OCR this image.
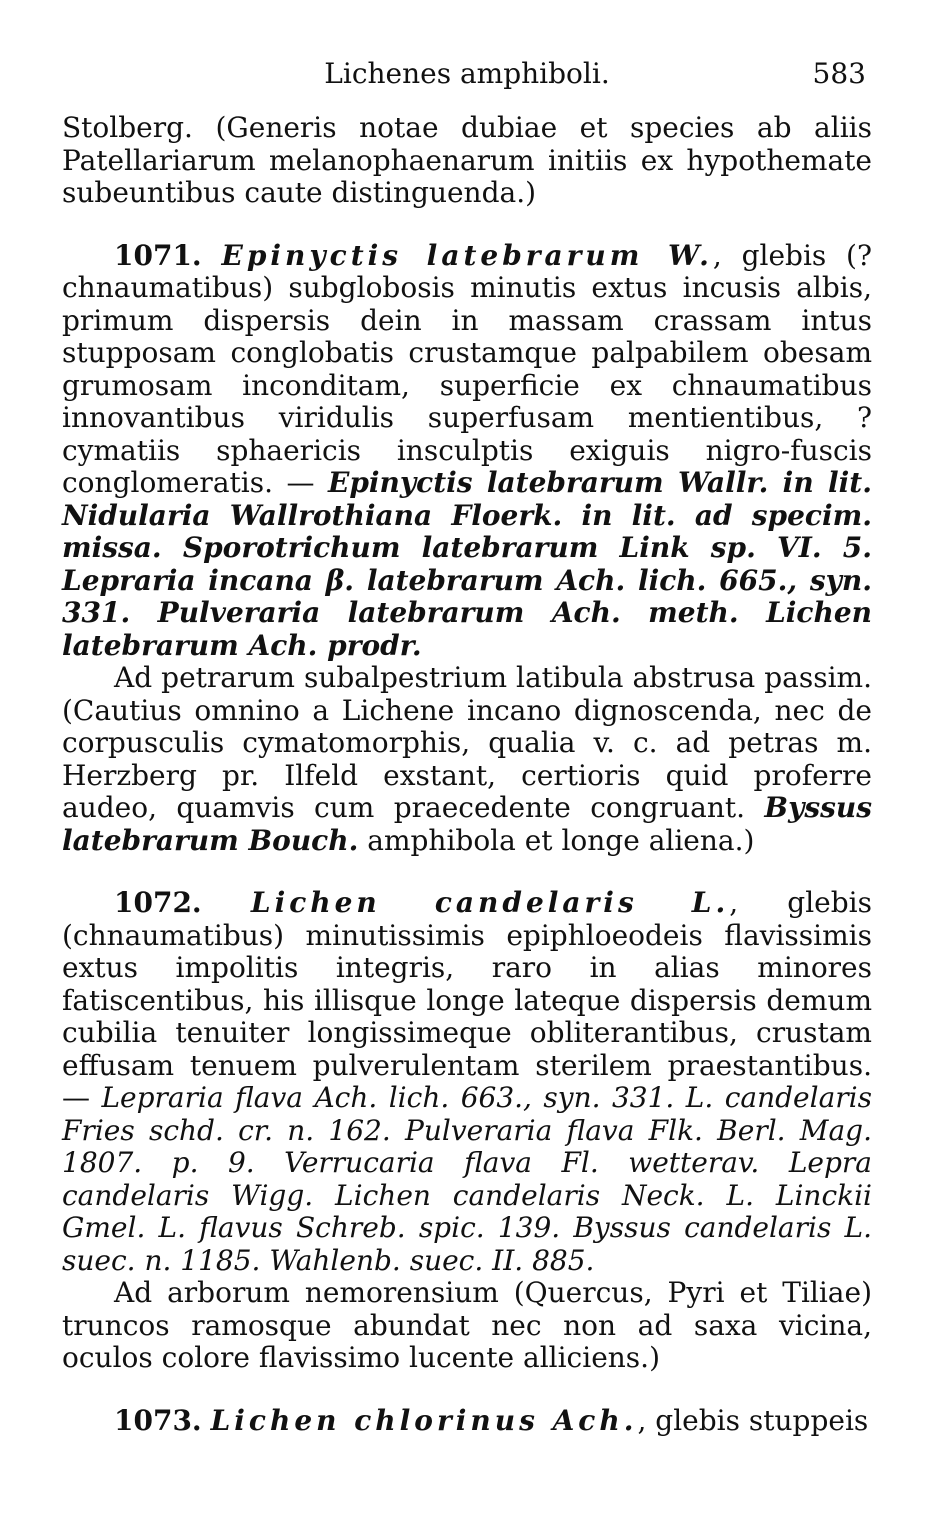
Lichenes amphiboli.	583

Stolberg. (Generis notae dubiae et species ab aliis Patellariarum melanophaenarum initiis ex hypothemate subeuntibus caute distinguenda.)

1071. Epinyctis latebrarum W., glebis (?chnaumatibus) subglobosis minutis extus incusis albis, primum dispersis dein in massam crassam intus stupposam conglobatis crustamque palpabilem obesam grumosam inconditam, superficie ex chnaumatibus innovantibus viridulis superfusam mentientibus, ?cymatiis sphaericis insculptis exiguis nigro-fuscis conglomeratis. — Epinyctis latebrarum Wallr. in lit. Nidularia Wallrothiana Floerk. in lit. ad specim. missa. Sporotrichum latebrarum Link sp. VI. 5. Lepraria incana β. latebrarum Ach. lich. 665., syn. 331. Pulveraria latebrarum Ach. meth. Lichen latebrarum Ach. prodr.

Ad petrarum subalpestrium latibula abstrusa passim. (Cautius omnino a Lichene incano dignoscenda, nec de corpusculis cymatomorphis, qualia v. c. ad petras m. Herzberg pr. Ilfeld exstant, certioris quid proferre audeo, quamvis cum praecedente congruant. Byssus latebrarum Bouch. amphibola et longe aliena.)

1072. Lichen candelaris L., glebis (chnaumatibus) minutissimis epiphloeodeis flavissimis extus impolitis integris, raro in alias minores fatiscentibus, his illisque longe lateque dispersis demum cubilia tenuiter longissimeque obliterantibus, crustam effusam tenuem pulverulentam sterilem praestantibus. — Lepraria flava Ach. lich. 663., syn. 331. L. candelaris Fries schd. cr. n. 162. Pulveraria flava Flk. Berl. Mag. 1807. p. 9. Verrucaria flava Fl. wetterav. Lepra candelaris Wigg. Lichen candelaris Neck. L. Linckii Gmel. L. flavus Schreb. spic. 139. Byssus candelaris L. suec. n. 1185. Wahlenb. suec. II. 885.

Ad arborum nemorensium (Quercus, Pyri et Tiliae) truncos ramosque abundat nec non ad saxa vicina, oculos colore flavissimo lucente alliciens.)

1073. Lichen chlorinus Ach., glebis stuppeis
